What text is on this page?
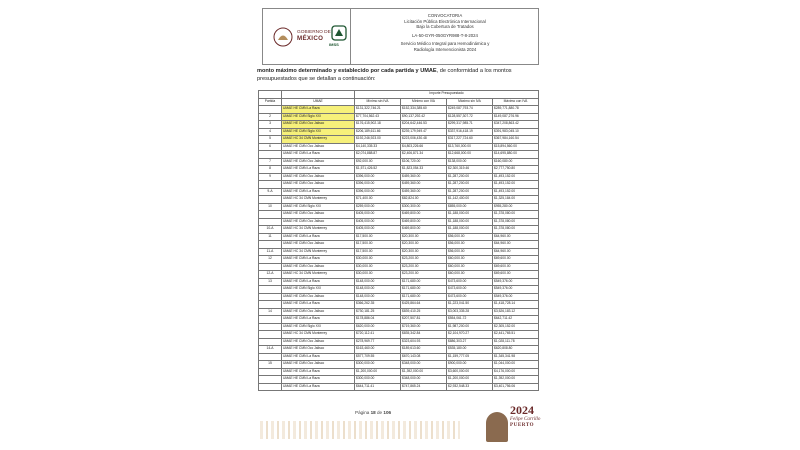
GOBIERNO DE
MÉXICO
IMSS
CONVOCATORIA
Licitación Pública Electrónica Internacional
Bajo la Cobertura de Tratados
LA-50-GYR-050GYR988-T-8-2024
Servicio Médico Integral para Hemodinámica y
Radiología Intervencionista 2024
monto máximo determinado y establecido por cada partida y UMAE, de conformidad a los montos presupuestados que se detallan a continuación:
		Importe Presupuestado			
Partida	UMAE	Mínimo sin IVA	Mínimo con IVA	Máximo sin IVA	Máximo con IVA
	UMAE HE CMN La Raza	$131,322,746.21	$152,334,385.60	$249,087,793.74	$289,771,880.78
2	UMAE HE CMN Siglo XXI	$77,704,562.43	$90,137,292.42	$128,557,307.72	$149,087,276.96
3	UMAE HE CMN Occ Jalisco	$176,415,902.18	$204,642,446.53	$299,317,985.71	$347,208,863.42
4	UMAE HE CMN Siglo XXI	$206,189,611.66	$239,179,949.47	$337,916,418.19	$391,983,045.10
5	UMAE HC 34 CMN Monterrey	$192,246,923.00	$223,006,430.48	$317,227,724.60	$367,984,160.54
6	UMAE HE CMN Occ Jalisco	$4,140,335.33	$4,803,226.66	$13,760,000.00	$15,894,560.00
	UMAE HE CMN La Raza	$2,074,888.87	$2,406,871.34	$12,668,000.00	$14,695,880.00
7	UMAE HE CMN Occ Jalisco	$92,000.00	$106,720.00	$138,000.00	$160,080.00
8	UMAE HE CMN La Raza	$1,571,426.52	$1,823,054.33	$2,300,319.46	$2,777,750.80
9	UMAE HE CMN Occ Jalisco	$396,000.00	$459,360.00	$1,287,200.00	$1,493,152.00
	UMAE HE CMN Occ Jalisco	$396,000.00	$459,360.00	$1,287,200.00	$1,493,152.00
9-A	UMAE HE CMN La Raza	$396,000.00	$459,360.00	$1,287,200.00	$1,493,152.00
	UMAE HC 34 CMN Monterrey	$71,400.00	$82,824.00	$1,142,400.00	$1,325,184.00
10	UMAE HE CMN Siglo XXI	$259,000.00	$300,300.00	$855,000.00	$955,280.00
	UMAE HE CMN Occ Jalisco	$405,000.00	$469,800.00	$1,188,000.00	$1,378,080.00
	UMAE HE CMN Occ Jalisco	$405,000.00	$469,800.00	$1,188,000.00	$1,378,080.00
10-A	UMAE HC 34 CMN Monterrey	$405,000.00	$469,800.00	$1,188,000.00	$1,378,080.00
11	UMAE HE CMN La Raza	$17,500.00	$20,300.00	$56,000.00	$64,960.00
	UMAE HE CMN Occ Jalisco	$17,500.00	$20,300.00	$56,000.00	$64,960.00
11-A	UMAE HC 34 CMN Monterrey	$17,500.00	$20,300.00	$56,000.00	$64,960.00
12	UMAE HE CMN La Raza	$30,000.00	$23,200.00	$60,000.00	$69,600.00
	UMAE HE CMN Occ Jalisco	$30,000.00	$23,200.00	$60,000.00	$69,600.00
12-A	UMAE HC 34 CMN Monterrey	$30,000.00	$23,200.00	$60,000.00	$69,600.00
13	UMAE HE CMN La Raza	$148,000.00	$171,680.00	$473,600.00	$549,376.00
	UMAE HE CMN Siglo XXI	$148,000.00	$171,680.00	$473,600.00	$549,376.00
	UMAE HE CMN Occ Jalisco	$148,000.00	$171,680.00	$473,600.00	$549,376.00
	UMAE HE CMN La Raza	$366,262.35	$425,864.64	$1,223,041.50	$1,418,728.14
14	UMAE HE CMN Occ Jalisco	$730,181.25	$839,410.25	$3,003,335.28	$3,526,183.12
	UMAE HE CMN La Raza	$178,886.04	$207,507.81	$554,061.72	$642,711.42
	UMAE HE CMN Siglo XXI	$620,000.00	$719,360.00	$1,987,200.00	$2,305,152.00
	UMAE HC 34 CMN Monterrey	$720,112.41	$835,342.84	$2,104,970.27	$2,441,765.51
	UMAE HE CMN Occ Jalisco	$278,969.77	$323,604.93	$886,303.27	$1,028,111.78
14-A	UMAE HE CMN Occ Jalisco	$163,460.00	$189,613.60	$535,180.00	$620,808.80
	UMAE HE CMN La Raza	$577,709.55	$670,143.08	$1,159,777.05	$1,345,341.98
15	UMAE HE CMN Occ Jalisco	$300,000.00	$348,000.00	$900,000.00	$1,044,000.00
	UMAE HE CMN La Raza	$1,200,000.00	$1,392,000.00	$3,600,000.00	$4,176,000.00
	UMAE HE CMN La Raza	$300,000.00	$348,000.00	$1,200,000.00	$1,392,000.00
	UMAE HE CMN La Raza	$644,711.41	$747,865.24	$2,932,548.33	$3,401,756.06
Página 18 de 106	2024
Felipe Carrillo
PUERTO
